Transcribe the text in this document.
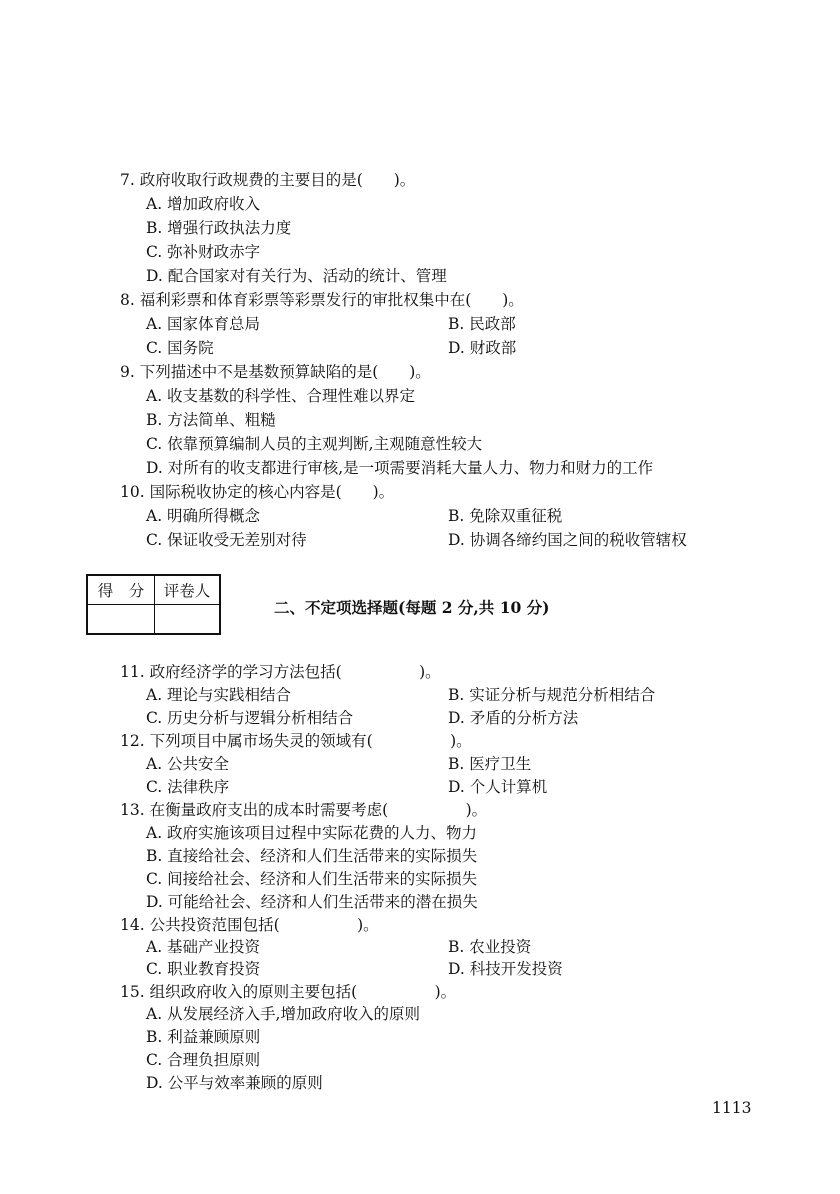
7. 政府收取行政规费的主要目的是(　　)。
A. 增加政府收入
B. 增强行政执法力度
C. 弥补财政赤字
D. 配合国家对有关行为、活动的统计、管理
8. 福利彩票和体育彩票等彩票发行的审批权集中在(　　)。
A. 国家体育总局	B. 民政部
C. 国务院	D. 财政部
9. 下列描述中不是基数预算缺陷的是(　　)。
A. 收支基数的科学性、合理性难以界定
B. 方法简单、粗糙
C. 依靠预算编制人员的主观判断,主观随意性较大
D. 对所有的收支都进行审核,是一项需要消耗大量人力、物力和财力的工作
10. 国际税收协定的核心内容是(　　)。
A. 明确所得概念	B. 免除双重征税
C. 保证收受无差别对待	D. 协调各缔约国之间的税收管辖权
得　分	评卷人

二、不定项选择题(每题 2 分,共 10 分)
11. 政府经济学的学习方法包括(　　　　　)。
A. 理论与实践相结合	B. 实证分析与规范分析相结合
C. 历史分析与逻辑分析相结合	D. 矛盾的分析方法
12. 下列项目中属市场失灵的领域有(　　　　　)。
A. 公共安全	B. 医疗卫生
C. 法律秩序	D. 个人计算机
13. 在衡量政府支出的成本时需要考虑(　　　　　)。
A. 政府实施该项目过程中实际花费的人力、物力
B. 直接给社会、经济和人们生活带来的实际损失
C. 间接给社会、经济和人们生活带来的实际损失
D. 可能给社会、经济和人们生活带来的潜在损失
14. 公共投资范围包括(　　　　　)。
A. 基础产业投资	B. 农业投资
C. 职业教育投资	D. 科技开发投资
15. 组织政府收入的原则主要包括(　　　　　)。
A. 从发展经济入手,增加政府收入的原则
B. 利益兼顾原则
C. 合理负担原则
D. 公平与效率兼顾的原则
1113
